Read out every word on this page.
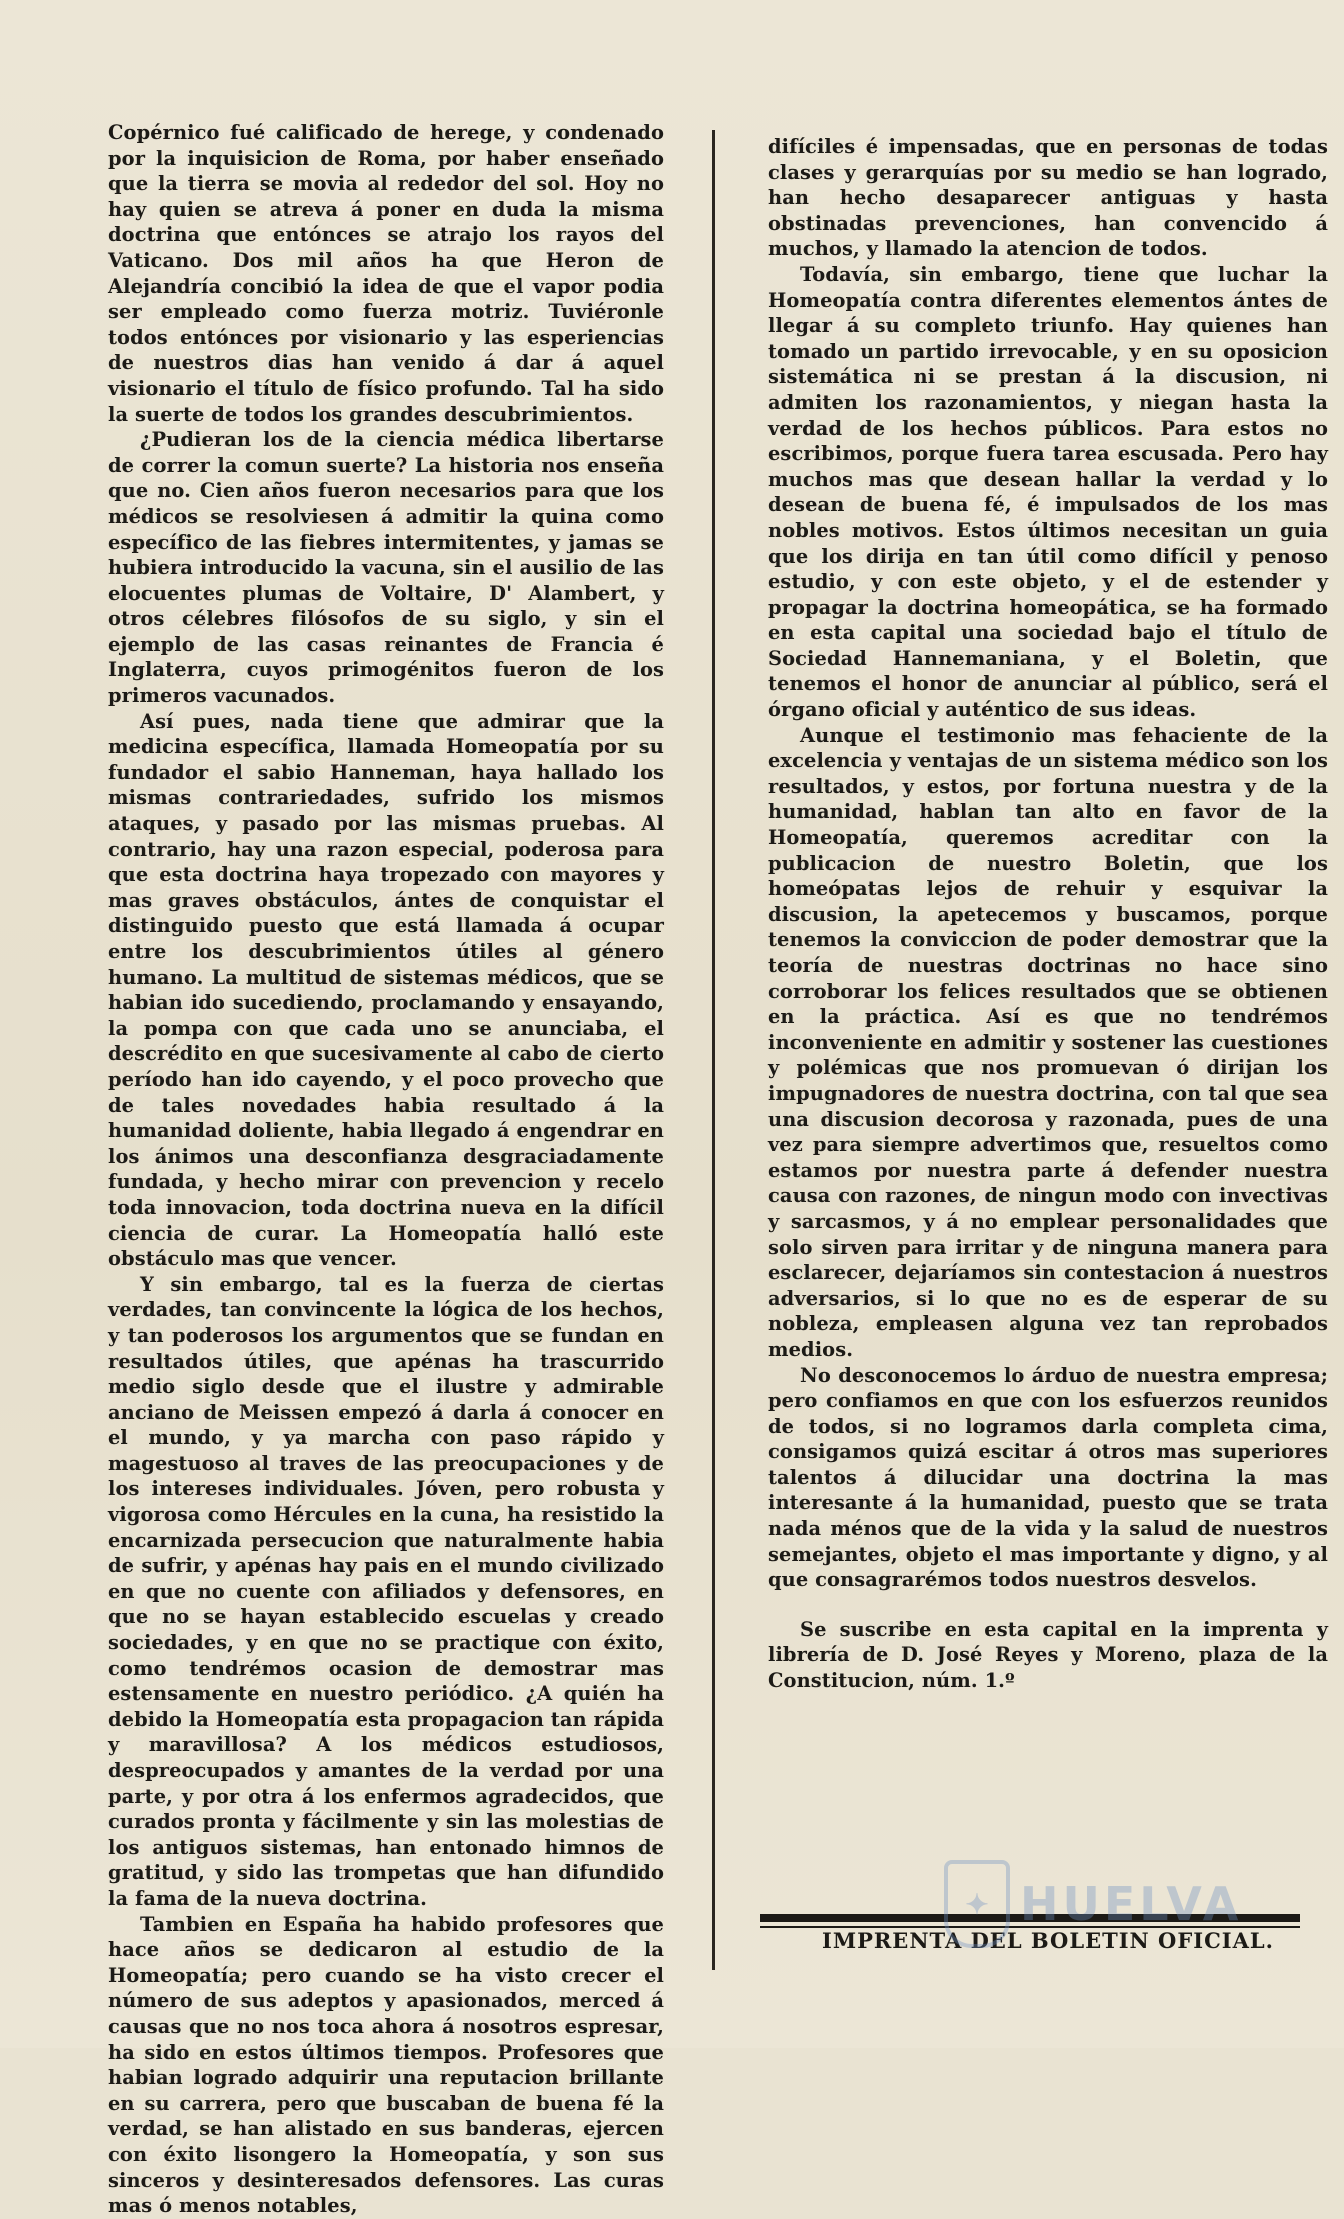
Copérnico fué calificado de herege, y condenado por la inquisicion de Roma, por haber enseñado que la tierra se movia al rededor del sol. Hoy no hay quien se atreva á poner en duda la misma doctrina que entónces se atrajo los rayos del Vaticano. Dos mil años ha que Heron de Alejandría concibió la idea de que el vapor podia ser empleado como fuerza motriz. Tuviéronle todos entónces por visionario y las esperiencias de nuestros dias han venido á dar á aquel visionario el título de físico profundo. Tal ha sido la suerte de todos los grandes descubrimientos.

¿Pudieran los de la ciencia médica libertarse de correr la comun suerte? La historia nos enseña que no. Cien años fueron necesarios para que los médicos se resolviesen á admitir la quina como específico de las fiebres intermitentes, y jamas se hubiera introducido la vacuna, sin el ausilio de las elocuentes plumas de Voltaire, D' Alambert, y otros célebres filósofos de su siglo, y sin el ejemplo de las casas reinantes de Francia é Inglaterra, cuyos primogénitos fueron de los primeros vacunados.

Así pues, nada tiene que admirar que la medicina específica, llamada Homeopatía por su fundador el sabio Hanneman, haya hallado los mismas contrariedades, sufrido los mismos ataques, y pasado por las mismas pruebas. Al contrario, hay una razon especial, poderosa para que esta doctrina haya tropezado con mayores y mas graves obstáculos, ántes de conquistar el distinguido puesto que está llamada á ocupar entre los descubrimientos útiles al género humano. La multitud de sistemas médicos, que se habian ido sucediendo, proclamando y ensayando, la pompa con que cada uno se anunciaba, el descrédito en que sucesivamente al cabo de cierto período han ido cayendo, y el poco provecho que de tales novedades habia resultado á la humanidad doliente, habia llegado á engendrar en los ánimos una desconfianza desgraciadamente fundada, y hecho mirar con prevencion y recelo toda innovacion, toda doctrina nueva en la difícil ciencia de curar. La Homeopatía halló este obstáculo mas que vencer.

Y sin embargo, tal es la fuerza de ciertas verdades, tan convincente la lógica de los hechos, y tan poderosos los argumentos que se fundan en resultados útiles, que apénas ha trascurrido medio siglo desde que el ilustre y admirable anciano de Meissen empezó á darla á conocer en el mundo, y ya marcha con paso rápido y magestuoso al traves de las preocupaciones y de los intereses individuales. Jóven, pero robusta y vigorosa como Hércules en la cuna, ha resistido la encarnizada persecucion que naturalmente habia de sufrir, y apénas hay pais en el mundo civilizado en que no cuente con afiliados y defensores, en que no se hayan establecido escuelas y creado sociedades, y en que no se practique con éxito, como tendrémos ocasion de demostrar mas estensamente en nuestro periódico. ¿A quién ha debido la Homeopatía esta propagacion tan rápida y maravillosa? A los médicos estudiosos, despreocupados y amantes de la verdad por una parte, y por otra á los enfermos agradecidos, que curados pronta y fácilmente y sin las molestias de los antiguos sistemas, han entonado himnos de gratitud, y sido las trompetas que han difundido la fama de la nueva doctrina.

Tambien en España ha habido profesores que hace años se dedicaron al estudio de la Homeopatía; pero cuando se ha visto crecer el número de sus adeptos y apasionados, merced á causas que no nos toca ahora á nosotros espresar, ha sido en estos últimos tiempos. Profesores que habian logrado adquirir una reputacion brillante en su carrera, pero que buscaban de buena fé la verdad, se han alistado en sus banderas, ejercen con éxito lisongero la Homeopatía, y son sus sinceros y desinteresados defensores. Las curas mas ó menos notables,

difíciles é impensadas, que en personas de todas clases y gerarquías por su medio se han logrado, han hecho desaparecer antiguas y hasta obstinadas prevenciones, han convencido á muchos, y llamado la atencion de todos.

Todavía, sin embargo, tiene que luchar la Homeopatía contra diferentes elementos ántes de llegar á su completo triunfo. Hay quienes han tomado un partido irrevocable, y en su oposicion sistemática ni se prestan á la discusion, ni admiten los razonamientos, y niegan hasta la verdad de los hechos públicos. Para estos no escribimos, porque fuera tarea escusada. Pero hay muchos mas que desean hallar la verdad y lo desean de buena fé, é impulsados de los mas nobles motivos. Estos últimos necesitan un guia que los dirija en tan útil como difícil y penoso estudio, y con este objeto, y el de estender y propagar la doctrina homeopática, se ha formado en esta capital una sociedad bajo el título de Sociedad Hannemaniana, y el Boletin, que tenemos el honor de anunciar al público, será el órgano oficial y auténtico de sus ideas.

Aunque el testimonio mas fehaciente de la excelencia y ventajas de un sistema médico son los resultados, y estos, por fortuna nuestra y de la humanidad, hablan tan alto en favor de la Homeopatía, queremos acreditar con la publicacion de nuestro Boletin, que los homeópatas lejos de rehuir y esquivar la discusion, la apetecemos y buscamos, porque tenemos la conviccion de poder demostrar que la teoría de nuestras doctrinas no hace sino corroborar los felices resultados que se obtienen en la práctica. Así es que no tendrémos inconveniente en admitir y sostener las cuestiones y polémicas que nos promuevan ó dirijan los impugnadores de nuestra doctrina, con tal que sea una discusion decorosa y razonada, pues de una vez para siempre advertimos que, resueltos como estamos por nuestra parte á defender nuestra causa con razones, de ningun modo con invectivas y sarcasmos, y á no emplear personalidades que solo sirven para irritar y de ninguna manera para esclarecer, dejaríamos sin contestacion á nuestros adversarios, si lo que no es de esperar de su nobleza, empleasen alguna vez tan reprobados medios.

No desconocemos lo árduo de nuestra empresa; pero confiamos en que con los esfuerzos reunidos de todos, si no logramos darla completa cima, consigamos quizá escitar á otros mas superiores talentos á dilucidar una doctrina la mas interesante á la humanidad, puesto que se trata nada ménos que de la vida y la salud de nuestros semejantes, objeto el mas importante y digno, y al que consagrarémos todos nuestros desvelos.

Se suscribe en esta capital en la imprenta y librería de D. José Reyes y Moreno, plaza de la Constitucion, núm. 1.º

IMPRENTA DEL BOLETIN OFICIAL.

✦ HUELVA
